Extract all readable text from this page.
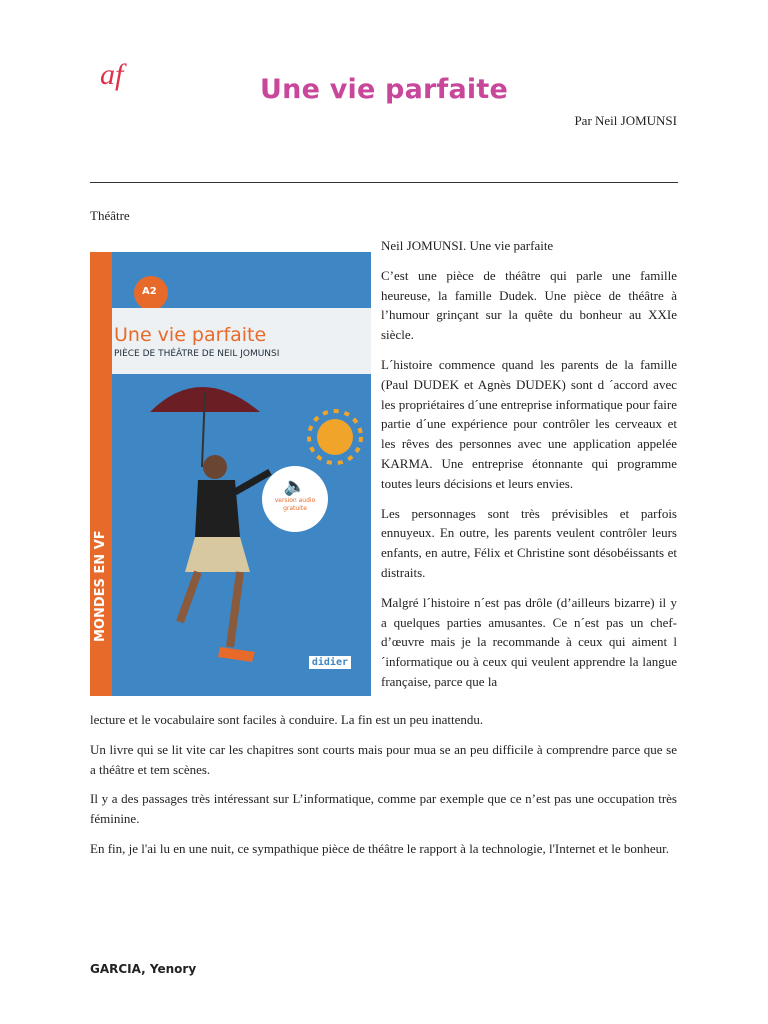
af	Une vie parfaite
Par Neil JOMUNSI
Théâtre
MONDES EN VF
A2
Une vie parfaite
PIÈCE DE THÉÂTRE DE NEIL JOMUNSI
🔈
version audio gratuite
didier

Neil JOMUNSI. Une vie parfaite

C’est une pièce de théâtre qui parle une famille heureuse, la famille Dudek. Une pièce de théâtre à l’humour grinçant sur la quête du bonheur au XXIe siècle.

L´histoire commence quand les parents de la famille (Paul DUDEK et Agnès DUDEK) sont d ´accord avec les propriétaires d´une entreprise informatique pour faire partie d´une expérience pour contrôler les cerveaux et les rêves des personnes avec une application appelée KARMA. Une entreprise étonnante qui programme toutes leurs décisions et leurs envies.

Les personnages sont très prévisibles et parfois ennuyeux. En outre, les parents veulent contrôler leurs enfants, en autre, Félix et Christine sont désobéissants et distraits.

Malgré l´histoire n´est pas drôle (d’ailleurs bizarre) il y a quelques parties amusantes. Ce n´est pas un chef-d’œuvre mais je la recommande à ceux qui aiment l´informatique ou à ceux qui veulent apprendre la langue française, parce que la

lecture et le vocabulaire sont faciles à conduire. La fin est un peu inattendu.

Un livre qui se lit vite car les chapitres sont courts mais pour mua se an peu difficile à comprendre parce que se a théâtre et tem scènes.

Il y a des passages très intéressant sur L’informatique, comme par exemple que ce n’est pas une occupation très féminine.

En fin, je l'ai lu en une nuit, ce sympathique pièce de théâtre le rapport à la technologie, l'Internet et le bonheur.

GARCIA, Yenory
